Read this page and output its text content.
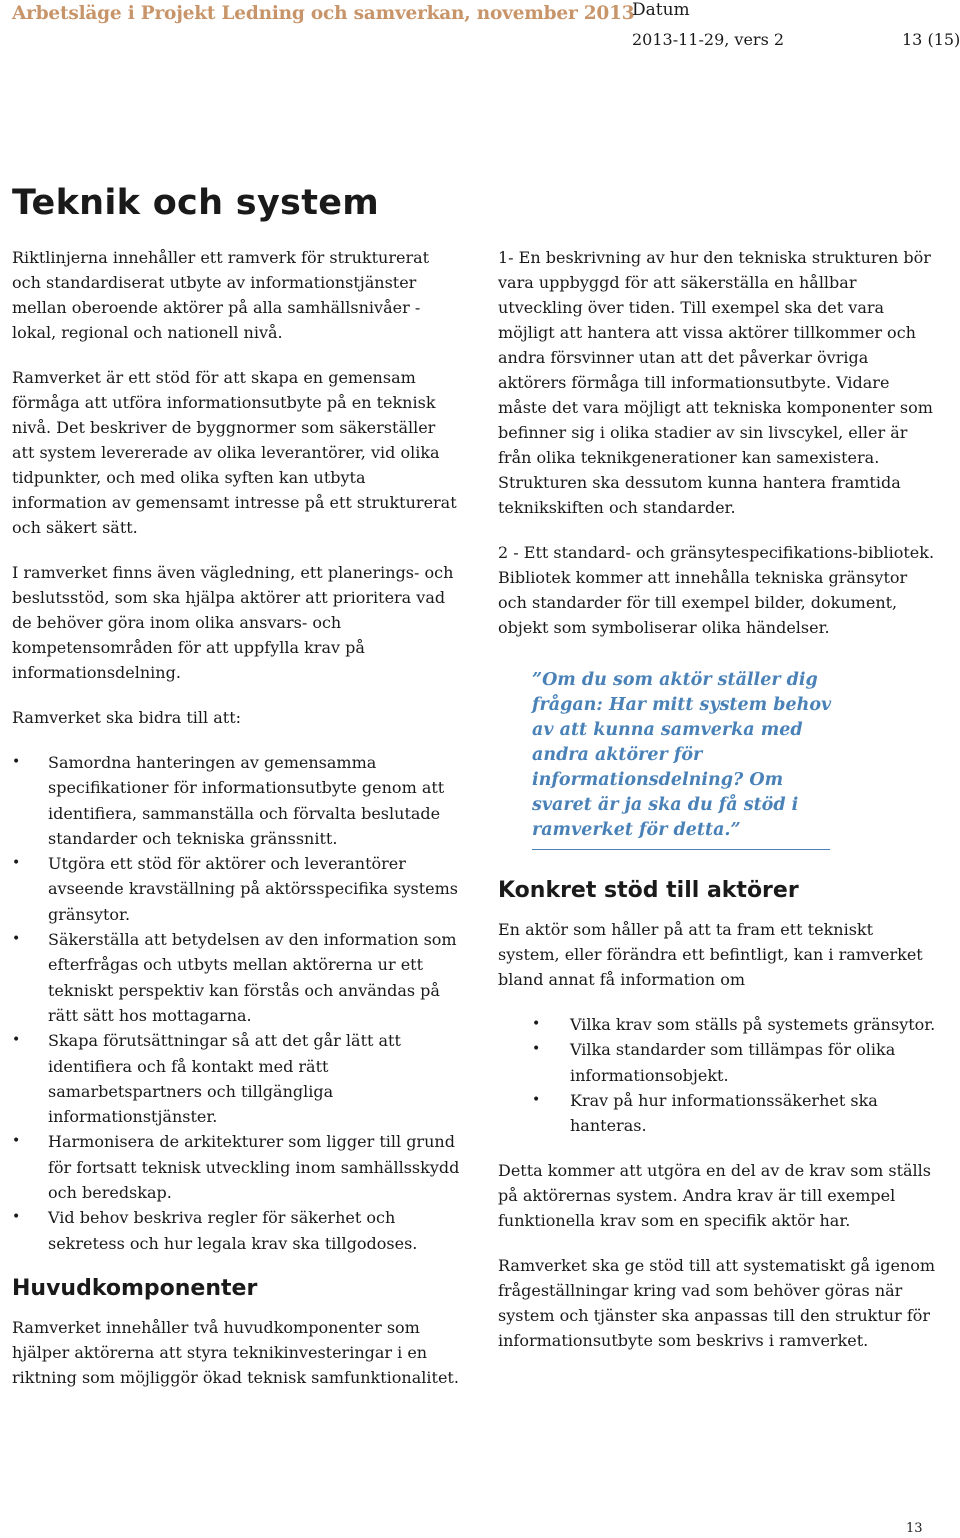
Arbetsläge i Projekt Ledning och samverkan, november 2013
Datum
2013-11-29, vers 2	13 (15)
Teknik och system

Riktlinjerna innehåller ett ramverk för strukturerat och standardiserat utbyte av informationstjänster mellan oberoende aktörer på alla samhällsnivåer - lokal, regional och nationell nivå.

Ramverket är ett stöd för att skapa en gemensam förmåga att utföra informationsutbyte på en teknisk nivå. Det beskriver de byggnormer som säkerställer att system levererade av olika leverantörer, vid olika tidpunkter, och med olika syften kan utbyta information av gemensamt intresse på ett strukturerat och säkert sätt.

I ramverket finns även vägledning, ett planerings- och beslutsstöd, som ska hjälpa aktörer att prioritera vad de behöver göra inom olika ansvars- och kompetensområden för att uppfylla krav på informationsdelning.

Ramverket ska bidra till att:

• Samordna hanteringen av gemensamma specifikationer för informationsutbyte genom att identifiera, sammanställa och förvalta beslutade standarder och tekniska gränssnitt.
• Utgöra ett stöd för aktörer och leverantörer avseende kravställning på aktörsspecifika systems gränsytor.
• Säkerställa att betydelsen av den information som efterfrågas och utbyts mellan aktörerna ur ett tekniskt perspektiv kan förstås och användas på rätt sätt hos mottagarna.
• Skapa förutsättningar så att det går lätt att identifiera och få kontakt med rätt samarbetspartners och tillgängliga informationstjänster.
• Harmonisera de arkitekturer som ligger till grund för fortsatt teknisk utveckling inom samhällsskydd och beredskap.
• Vid behov beskriva regler för säkerhet och sekretess och hur legala krav ska tillgodoses.
Huvudkomponenter

Ramverket innehåller två huvudkomponenter som hjälper aktörerna att styra teknikinvesteringar i en riktning som möjliggör ökad teknisk samfunktionalitet.

1- En beskrivning av hur den tekniska strukturen bör vara uppbyggd för att säkerställa en hållbar utveckling över tiden. Till exempel ska det vara möjligt att hantera att vissa aktörer tillkommer och andra försvinner utan att det påverkar övriga aktörers förmåga till informationsutbyte. Vidare måste det vara möjligt att tekniska komponenter som befinner sig i olika stadier av sin livscykel, eller är från olika teknikgenerationer kan samexistera. Strukturen ska dessutom kunna hantera framtida teknikskiften och standarder.

2 - Ett standard- och gränsytespecifikations-bibliotek. Bibliotek kommer att innehålla tekniska gränsytor och standarder för till exempel bilder, dokument, objekt som symboliserar olika händelser.

”Om du som aktör ställer dig frågan: Har mitt system behov av att kunna samverka med andra aktörer för informationsdelning? Om svaret är ja ska du få stöd i ramverket för detta.”
Konkret stöd till aktörer

En aktör som håller på att ta fram ett tekniskt system, eller förändra ett befintligt, kan i ramverket bland annat få information om

• Vilka krav som ställs på systemets gränsytor.
• Vilka standarder som tillämpas för olika informationsobjekt.
• Krav på hur informationssäkerhet ska hanteras.

Detta kommer att utgöra en del av de krav som ställs på aktörernas system. Andra krav är till exempel funktionella krav som en specifik aktör har.

Ramverket ska ge stöd till att systematiskt gå igenom frågeställningar kring vad som behöver göras när system och tjänster ska anpassas till den struktur för informationsutbyte som beskrivs i ramverket.

13
